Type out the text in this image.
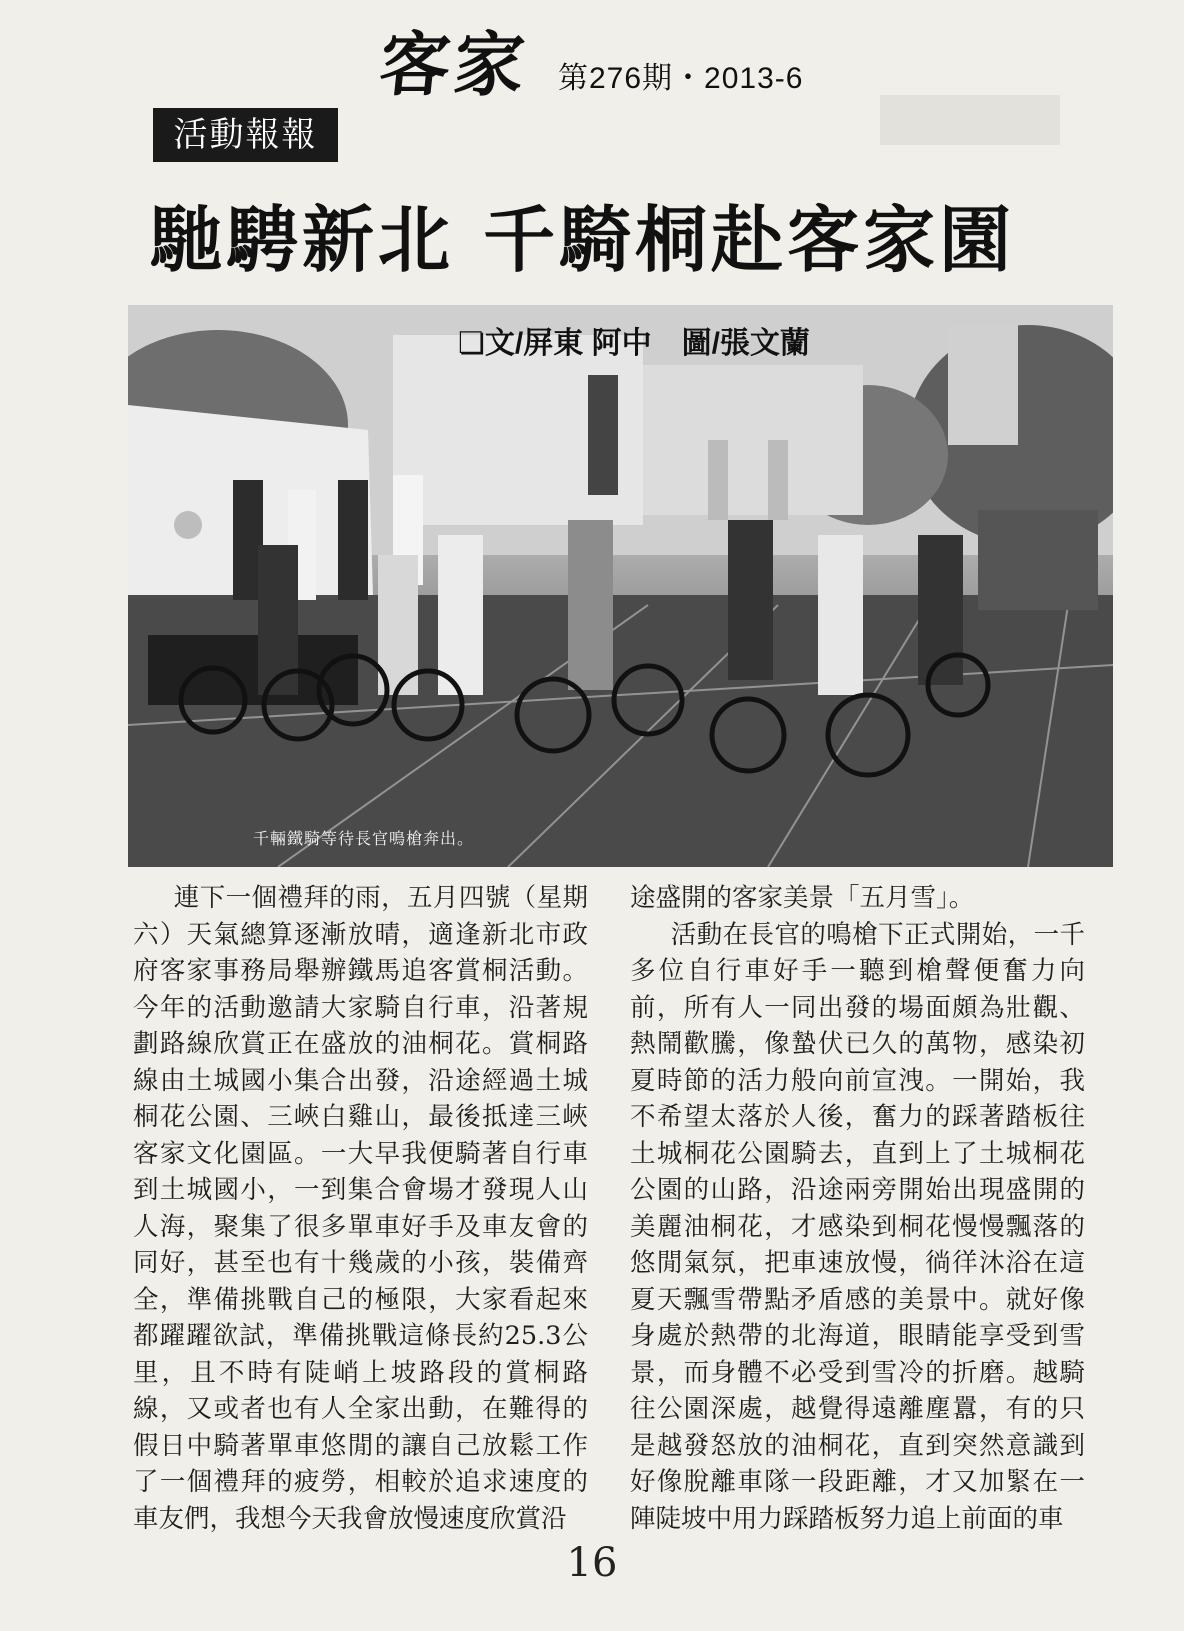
客家 第276期・2013-6
活動報報
馳騁新北 千騎桐赴客家園
❏文/屏東 阿中　圖/張文蘭
千輛鐵騎等待長官鳴槍奔出。

連下一個禮拜的雨，五月四號（星期六）天氣總算逐漸放晴，適逢新北市政府客家事務局舉辦鐵馬追客賞桐活動。今年的活動邀請大家騎自行車，沿著規劃路線欣賞正在盛放的油桐花。賞桐路線由土城國小集合出發，沿途經過土城桐花公園、三峽白雞山，最後抵達三峽客家文化園區。一大早我便騎著自行車到土城國小，一到集合會場才發現人山人海，聚集了很多單車好手及車友會的同好，甚至也有十幾歲的小孩，裝備齊全，準備挑戰自己的極限，大家看起來都躍躍欲試，準備挑戰這條長約25.3公里，且不時有陡峭上坡路段的賞桐路線，又或者也有人全家出動，在難得的假日中騎著單車悠閒的讓自己放鬆工作了一個禮拜的疲勞，相較於追求速度的車友們，我想今天我會放慢速度欣賞沿

途盛開的客家美景「五月雪」。

活動在長官的鳴槍下正式開始，一千多位自行車好手一聽到槍聲便奮力向前，所有人一同出發的場面頗為壯觀、熱鬧歡騰，像蟄伏已久的萬物，感染初夏時節的活力般向前宣洩。一開始，我不希望太落於人後，奮力的踩著踏板往土城桐花公園騎去，直到上了土城桐花公園的山路，沿途兩旁開始出現盛開的美麗油桐花，才感染到桐花慢慢飄落的悠閒氣氛，把車速放慢，徜徉沐浴在這夏天飄雪帶點矛盾感的美景中。就好像身處於熱帶的北海道，眼睛能享受到雪景，而身體不必受到雪冷的折磨。越騎往公園深處，越覺得遠離塵囂，有的只是越發怒放的油桐花，直到突然意識到好像脫離車隊一段距離，才又加緊在一陣陡坡中用力踩踏板努力追上前面的車

16
